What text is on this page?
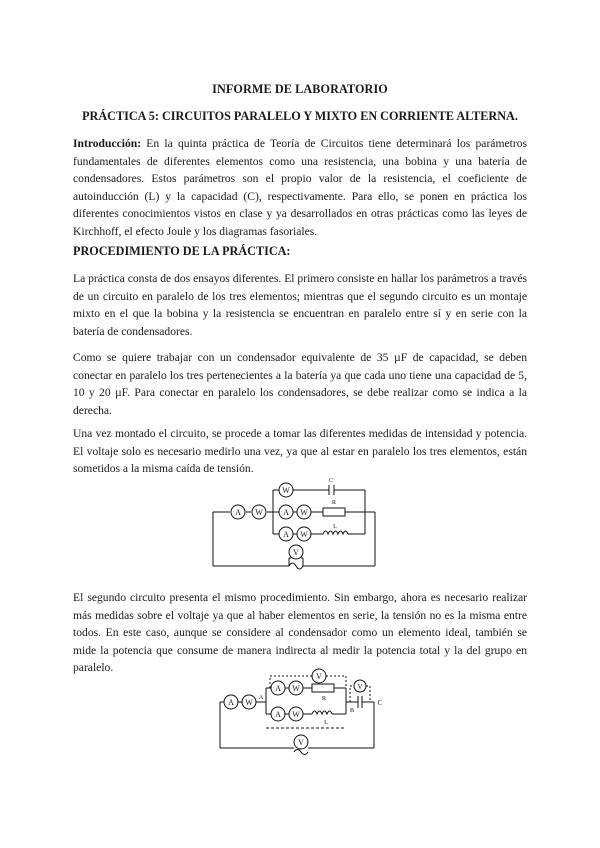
INFORME DE LABORATORIO
PRÁCTICA 5: CIRCUITOS PARALELO Y MIXTO EN CORRIENTE ALTERNA.

Introducción: En la quinta práctica de Teoría de Circuitos tiene determinará los parámetros fundamentales de diferentes elementos como una resistencia, una bobina y una batería de condensadores. Estos parámetros son el propio valor de la resistencia, el coeficiente de autoinducción (L) y la capacidad (C), respectivamente. Para ello, se ponen en práctica los diferentes conocimientos vistos en clase y ya desarrollados en otras prácticas como las leyes de Kirchhoff, el efecto Joule y los diagramas fasoriales.

PROCEDIMIENTO DE LA PRÁCTICA:

La práctica consta de dos ensayos diferentes. El primero consiste en hallar los parámetros a través de un circuito en paralelo de los tres elementos; mientras que el segundo circuito es un montaje mixto en el que la bobina y la resistencia se encuentran en paralelo entre sí y en serie con la batería de condensadores.

Como se quiere trabajar con un condensador equivalente de 35 µF de capacidad, se deben conectar en paralelo los tres pertenecientes a la batería ya que cada uno tiene una capacidad de 5, 10 y 20 µF. Para conectar en paralelo los condensadores, se debe realizar como se indica a la derecha.

Una vez montado el circuito, se procede a tomar las diferentes medidas de intensidad y potencia. El voltaje solo es necesario medirlo una vez, ya que al estar en paralelo los tres elementos, están sometidos a la misma caída de tensión.

A W
W
A W
A W
V
C
R
L

El segundo circuito presenta el mismo procedimiento. Sin embargo, ahora es necesario realizar más medidas sobre el voltaje ya que al haber elementos en serie, la tensión no es la misma entre todos. En este caso, aunque se considere al condensador como un elemento ideal, también se mide la potencia que consume de manera indirecta al medir la potencia total y la del grupo en paralelo.

A W
A W
A W
V
V
V
A
B
C
R
L
